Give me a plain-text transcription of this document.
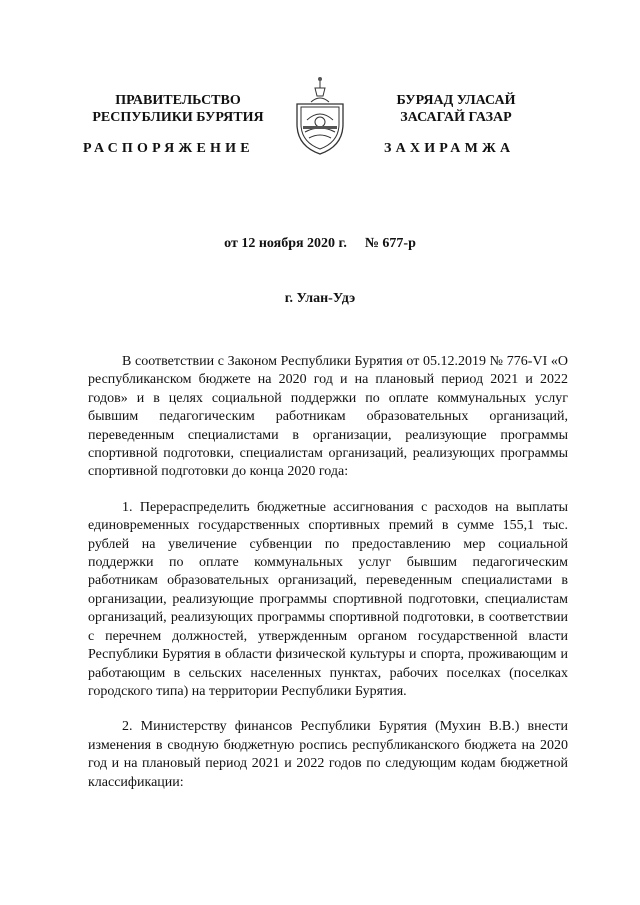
ПРАВИТЕЛЬСТВО
РЕСПУБЛИКИ БУРЯТИЯ
БУРЯАД УЛАСАЙ
ЗАСАГАЙ ГАЗАР
РАСПОРЯЖЕНИЕ	ЗАХИРАМЖА
от 12 ноября 2020 г. № 677-р
г. Улан-Удэ

В соответствии с Законом Республики Бурятия от 05.12.2019 № 776-VI «О республиканском бюджете на 2020 год и на плановый период 2021 и 2022 годов» и в целях социальной поддержки по оплате коммунальных услуг бывшим педагогическим работникам образовательных организаций, переведенным специалистами в организации, реализующие программы спортивной подготовки, специалистам организаций, реализующих программы спортивной подготовки до конца 2020 года:

1. Перераспределить бюджетные ассигнования с расходов на выплаты единовременных государственных спортивных премий в сумме 155,1 тыс. рублей на увеличение субвенции по предоставлению мер социальной поддержки по оплате коммунальных услуг бывшим педагогическим работникам образовательных организаций, переведенным специалистами в организации, реализующие программы спортивной подготовки, специалистам организаций, реализующих программы спортивной подготовки, в соответствии с перечнем должностей, утвержденным органом государственной власти Республики Бурятия в области физической культуры и спорта, проживающим и работающим в сельских населенных пунктах, рабочих поселках (поселках городского типа) на территории Республики Бурятия.

2. Министерству финансов Республики Бурятия (Мухин В.В.) внести изменения в сводную бюджетную роспись республиканского бюджета на 2020 год и на плановый период 2021 и 2022 годов по следующим кодам бюджетной классификации:
